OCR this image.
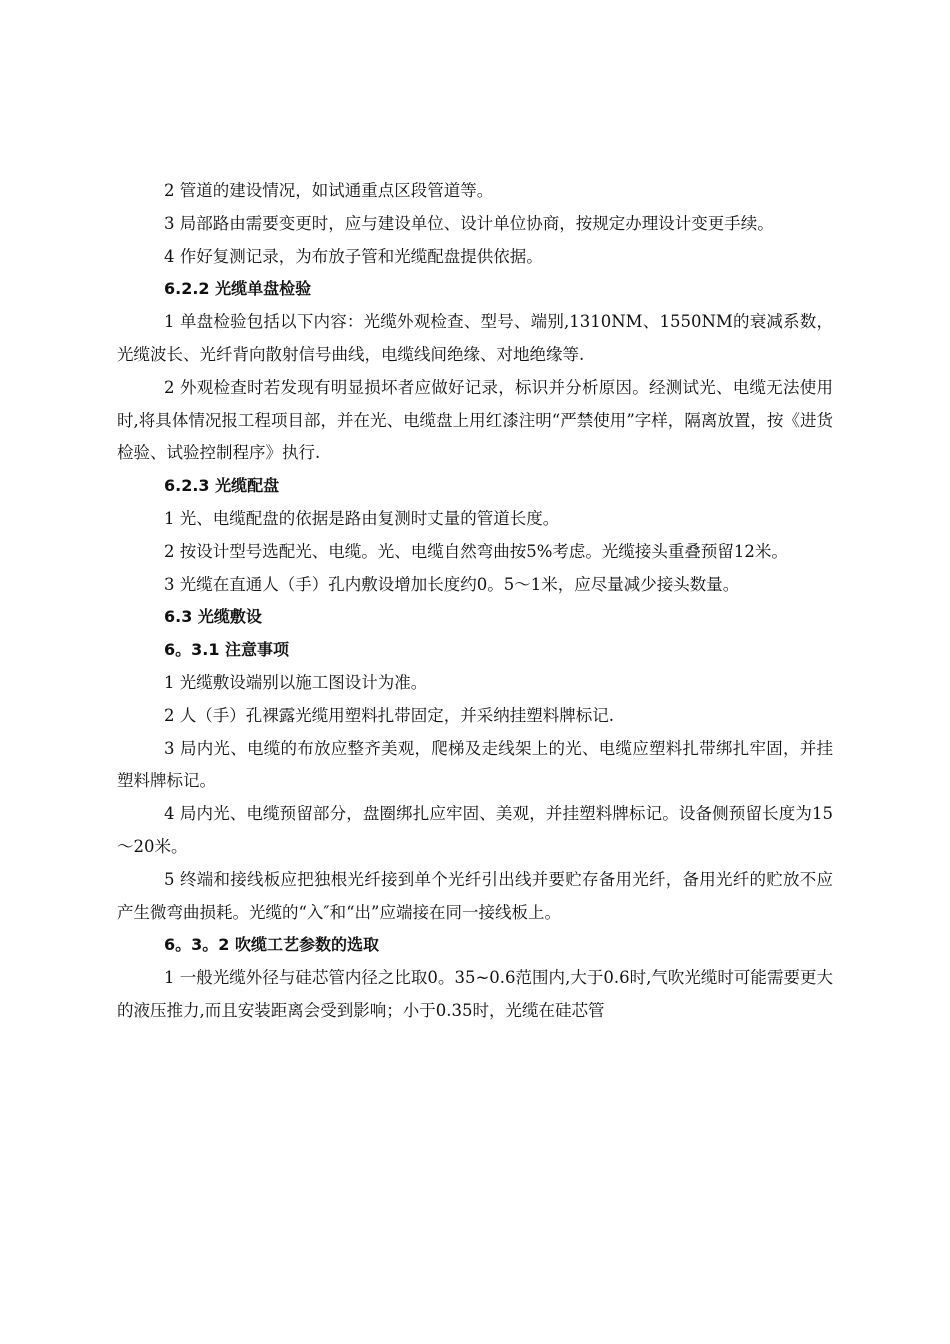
2 管道的建设情况，如试通重点区段管道等。

3 局部路由需要变更时，应与建设单位、设计单位协商，按规定办理设计变更手续。

4 作好复测记录，为布放子管和光缆配盘提供依据。

6.2.2 光缆单盘检验

1 单盘检验包括以下内容：光缆外观检查、型号、端别,1310NM、1550NM的衰减系数，光缆波长、光纤背向散射信号曲线，电缆线间绝缘、对地绝缘等.

2 外观检查时若发现有明显损坏者应做好记录，标识并分析原因。经测试光、电缆无法使用时,将具体情况报工程项目部，并在光、电缆盘上用红漆注明“严禁使用”字样，隔离放置，按《进货检验、试验控制程序》执行.

6.2.3 光缆配盘

1 光、电缆配盘的依据是路由复测时丈量的管道长度。

2 按设计型号选配光、电缆。光、电缆自然弯曲按5%考虑。光缆接头重叠预留12米。

3 光缆在直通人（手）孔内敷设增加长度约0。5～1米，应尽量减少接头数量。

6.3 光缆敷设

6。3.1 注意事项

1 光缆敷设端别以施工图设计为准。

2 人（手）孔裸露光缆用塑料扎带固定，并采纳挂塑料牌标记.

3 局内光、电缆的布放应整齐美观，爬梯及走线架上的光、电缆应塑料扎带绑扎牢固，并挂塑料牌标记。

4 局内光、电缆预留部分，盘圈绑扎应牢固、美观，并挂塑料牌标记。设备侧预留长度为15～20米。

5 终端和接线板应把独根光纤接到单个光纤引出线并要贮存备用光纤，备用光纤的贮放不应产生微弯曲损耗。光缆的“入″和“出”应端接在同一接线板上。

6。3。2 吹缆工艺参数的选取

1 一般光缆外径与硅芯管内径之比取0。35~0.6范围内,大于0.6时,气吹光缆时可能需要更大的液压推力,而且安装距离会受到影响；小于0.35时，光缆在硅芯管
